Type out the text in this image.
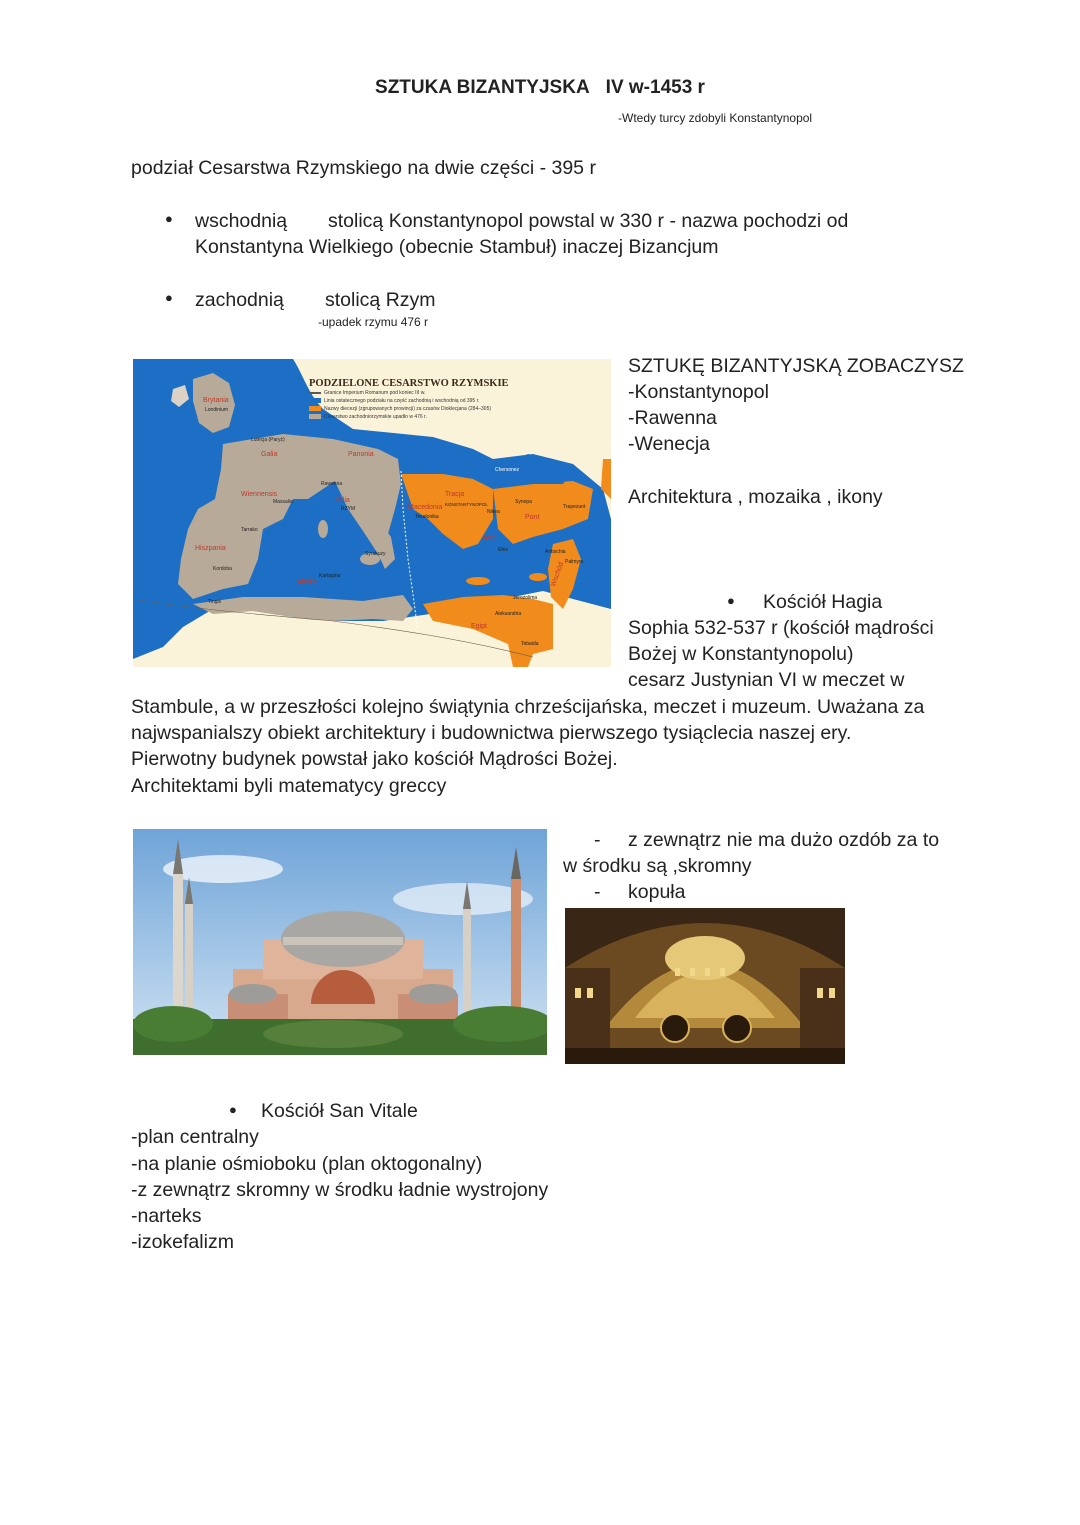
SZTUKA BIZANTYJSKA IV w-1453 r
-Wtedy turcy zdobyli Konstantynopol
podział Cesarstwa Rzymskiego na dwie części - 395 r
● wschodnią stolicą Konstantynopol powstal w 330 r - nazwa pochodzi od
Konstantyna Wielkiego (obecnie Stambuł) inaczej Bizancjum
● zachodnią stolicą Rzym
-upadek rzymu 476 r
PODZIELONE CESARSTWO RZYMSKIE
Granice Imperium Romanum pod koniec III w.
Linia ostatecznego podziału na część zachodnią i wschodnią od 395 r.
Nazwy diecezji (zgrupowanych prowincji) za czasów Dioklecjana (284–305)
Cesarstwo zachodniorzymskie upadło w 476 r.
Brytania
Londinium
Lutecja (Paryż)
Galia
Wiennensis
Massalia
Panonia
Rawenna
Italia
RZYM
Tarrako
Hiszpania
Kordoba
Tingis
Kartagina
Afryka
Syrakuzy
Chersonez
Tracja
KONSTANTYNOPOL
Nikea
Macedonia
Tesalonika
Azja
Efez
Pont
Synopa
Trapezunt
Antiochia
Palmyra
Wschód
Jerozolima
Aleksandria
Egipt
Tebaida
SZTUKĘ BIZANTYJSKĄ ZOBACZYSZ
-Konstantynopol
-Rawenna
-Wenecja
Architektura , mozaika , ikony
● Kościół Hagia
Sophia 532-537 r (kościół mądrości
Bożej w Konstantynopolu)
cesarz Justynian VI w meczet w
Stambule, a w przeszłości kolejno świątynia chrześcijańska, meczet i muzeum. Uważana za
najwspanialszy obiekt architektury i budownictwa pierwszego tysiąclecia naszej ery.
Pierwotny budynek powstał jako kościół Mądrości Bożej.
Architektami byli matematycy greccy
- z zewnątrz nie ma dużo ozdób za to
w środku są ,skromny
- kopuła
● Kościół San Vitale
-plan centralny
-na planie ośmioboku (plan oktogonalny)
-z zewnątrz skromny w środku ładnie wystrojony
-narteks
-izokefalizm
